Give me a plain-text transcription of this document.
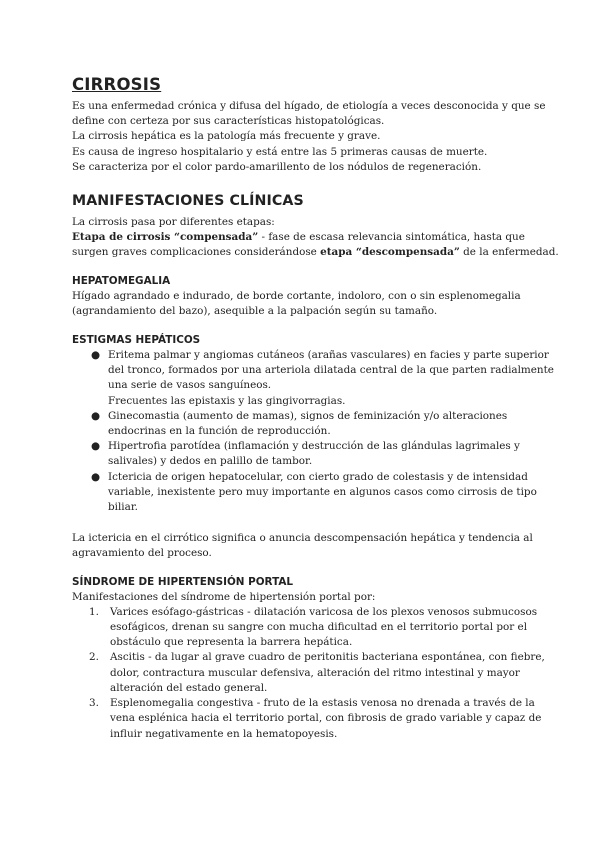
CIRROSIS

Es una enfermedad crónica y difusa del hígado, de etiología a veces desconocida y que se define con certeza por sus características histopatológicas.

La cirrosis hepática es la patología más frecuente y grave.

Es causa de ingreso hospitalario y está entre las 5 primeras causas de muerte.

Se caracteriza por el color pardo-amarillento de los nódulos de regeneración.

MANIFESTACIONES CLÍNICAS

La cirrosis pasa por diferentes etapas:

Etapa de cirrosis “compensada” - fase de escasa relevancia sintomática, hasta que surgen graves complicaciones considerándose etapa “descompensada” de la enfermedad.

HEPATOMEGALIA

Hígado agrandado e indurado, de borde cortante, indoloro, con o sin esplenomegalia (agrandamiento del bazo), asequible a la palpación según su tamaño.

ESTIGMAS HEPÁTICOS
● Eritema palmar y angiomas cutáneos (arañas vasculares) en facies y parte superior del tronco, formados por una arteriola dilatada central de la que parten radialmente una serie de vasos sanguíneos.
Frecuentes las epistaxis y las gingivorragias.
● Ginecomastia (aumento de mamas), signos de feminización y/o alteraciones endocrinas en la función de reproducción.
● Hipertrofia parotídea (inflamación y destrucción de las glándulas lagrimales y salivales) y dedos en palillo de tambor.
● Ictericia de origen hepatocelular, con cierto grado de colestasis y de intensidad variable, inexistente pero muy importante en algunos casos como cirrosis de tipo biliar.

La ictericia en el cirrótico significa o anuncia descompensación hepática y tendencia al agravamiento del proceso.

SÍNDROME DE HIPERTENSIÓN PORTAL

Manifestaciones del síndrome de hipertensión portal por:

1. Varices esófago-gástricas - dilatación varicosa de los plexos venosos submucosos esofágicos, drenan su sangre con mucha dificultad en el territorio portal por el obstáculo que representa la barrera hepática.
2. Ascitis - da lugar al grave cuadro de peritonitis bacteriana espontánea, con fiebre, dolor, contractura muscular defensiva, alteración del ritmo intestinal y mayor alteración del estado general.
3. Esplenomegalia congestiva - fruto de la estasis venosa no drenada a través de la vena esplénica hacia el territorio portal, con fibrosis de grado variable y capaz de influir negativamente en la hematopoyesis.
